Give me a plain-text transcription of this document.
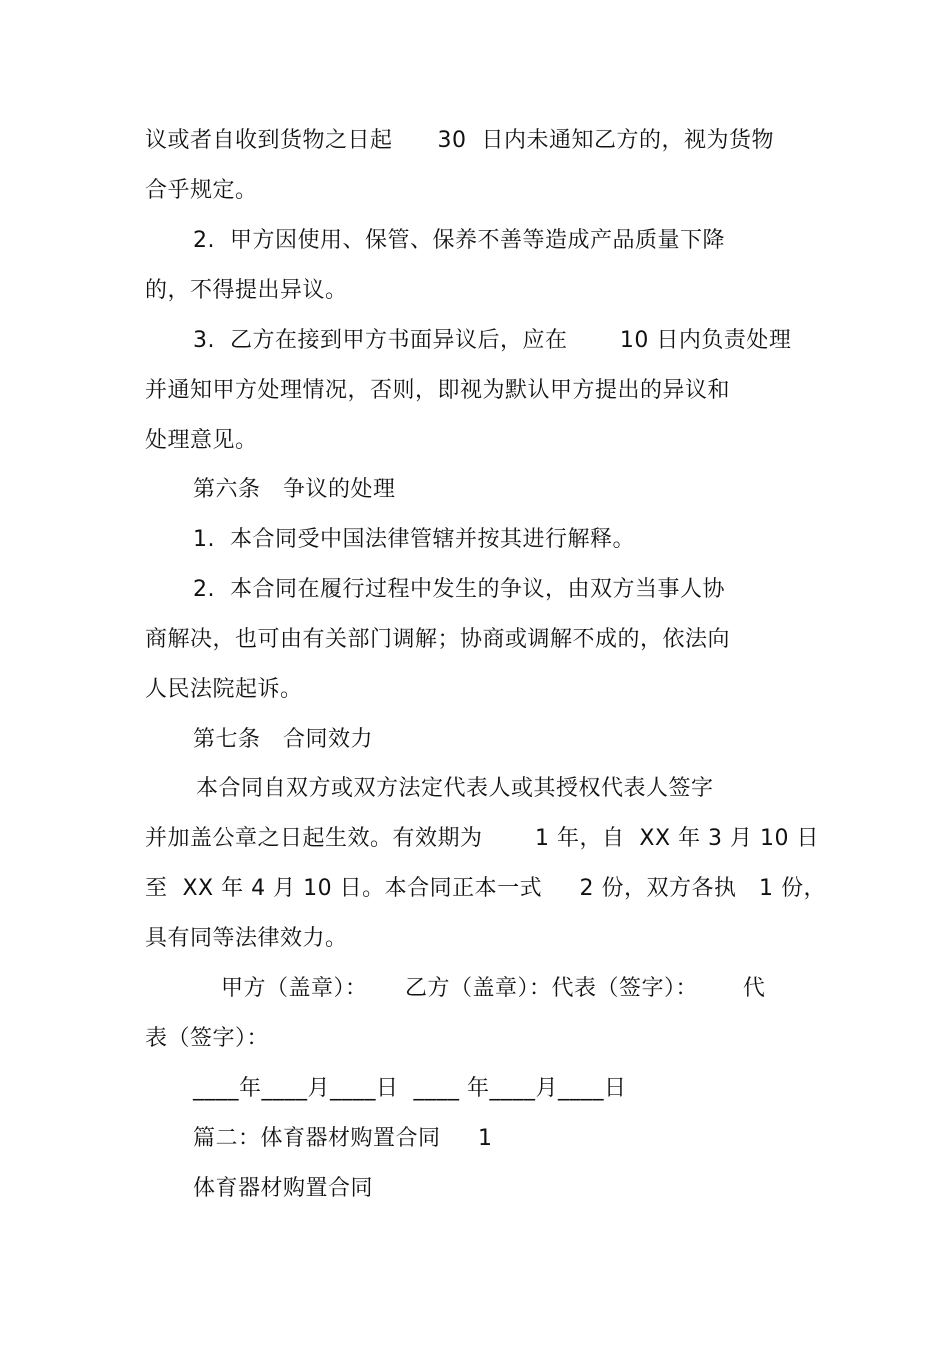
议或者自收到货物之日起      30  日内未通知乙方的，视为货物
合乎规定。
2.  甲方因使用、保管、保养不善等造成产品质量下降
的，不得提出异议。
3.  乙方在接到甲方书面异议后，应在       10 日内负责处理
并通知甲方处理情况，否则，即视为默认甲方提出的异议和
处理意见。
第六条   争议的处理
1.  本合同受中国法律管辖并按其进行解释。
2.  本合同在履行过程中发生的争议，由双方当事人协
商解决，也可由有关部门调解；协商或调解不成的，依法向
人民法院起诉。
第七条   合同效力
本合同自双方或双方法定代表人或其授权代表人签字
并加盖公章之日起生效。有效期为       1 年，自  XX 年 3 月 10 日
至  XX 年 4 月 10 日。本合同正本一式     2 份，双方各执   1 份，
具有同等法律效力。
甲方（盖章）：     乙方（盖章）：代表（签字）：      代
表（签字）：
____年____月____日  ____ 年____月____日
篇二：体育器材购置合同     1
体育器材购置合同
